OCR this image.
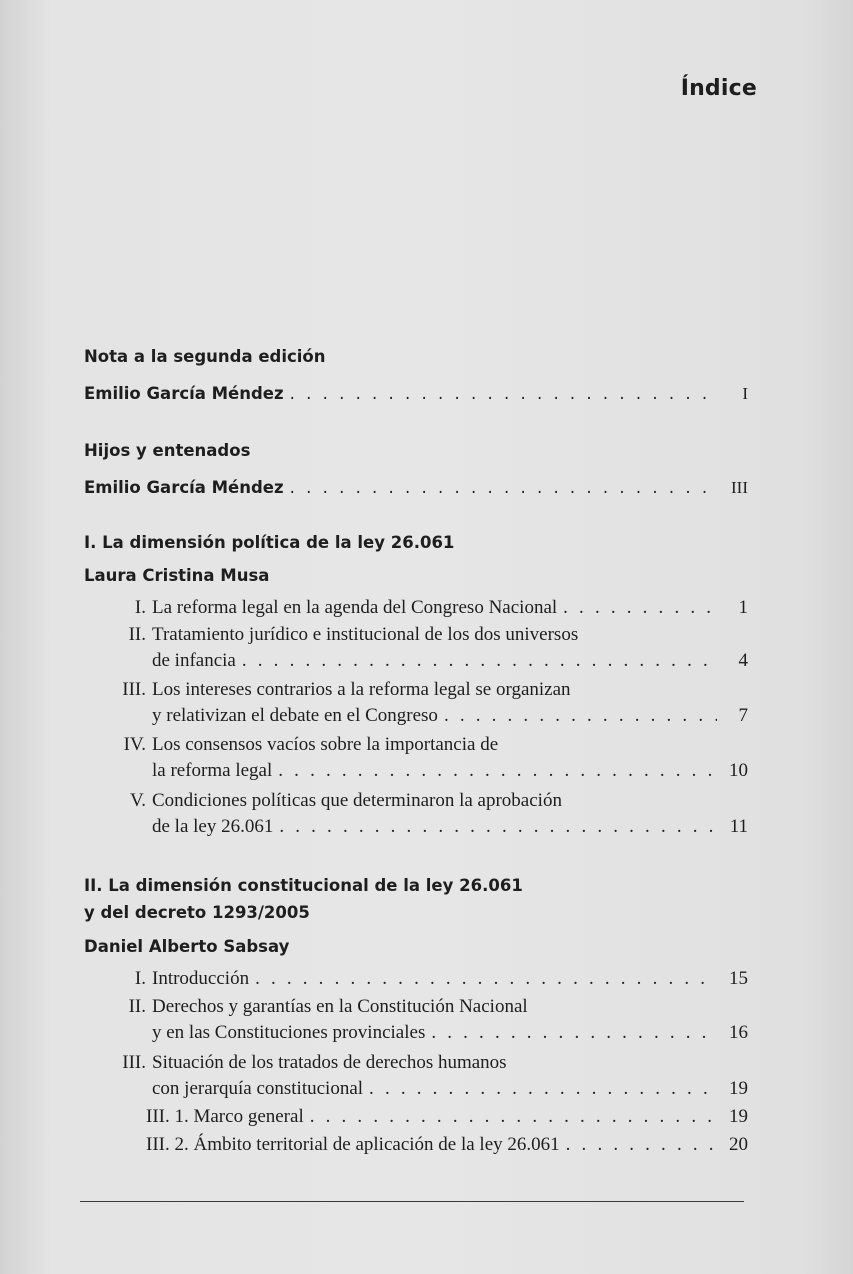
Índice
Nota a la segunda edición
Emilio García Méndez . . .	I
Hijos y entenados
Emilio García Méndez . . .	III
I. La dimensión política de la ley 26.061
Laura Cristina Musa
I. La reforma legal en la agenda del Congreso Nacional . . .	1
II. Tratamiento jurídico e institucional de los dos universos
de infancia . . .	4
III. Los intereses contrarios a la reforma legal se organizan
y relativizan el debate en el Congreso . . .	7
IV. Los consensos vacíos sobre la importancia de
la reforma legal . . .	10
V. Condiciones políticas que determinaron la aprobación
de la ley 26.061 . . .	11
II. La dimensión constitucional de la ley 26.061
y del decreto 1293/2005
Daniel Alberto Sabsay
I. Introducción . . .	15
II. Derechos y garantías en la Constitución Nacional
y en las Constituciones provinciales . . .	16
III. Situación de los tratados de derechos humanos
con jerarquía constitucional . . .	19
III. 1. Marco general . . .	19
III. 2. Ámbito territorial de aplicación de la ley 26.061 . . .	20
